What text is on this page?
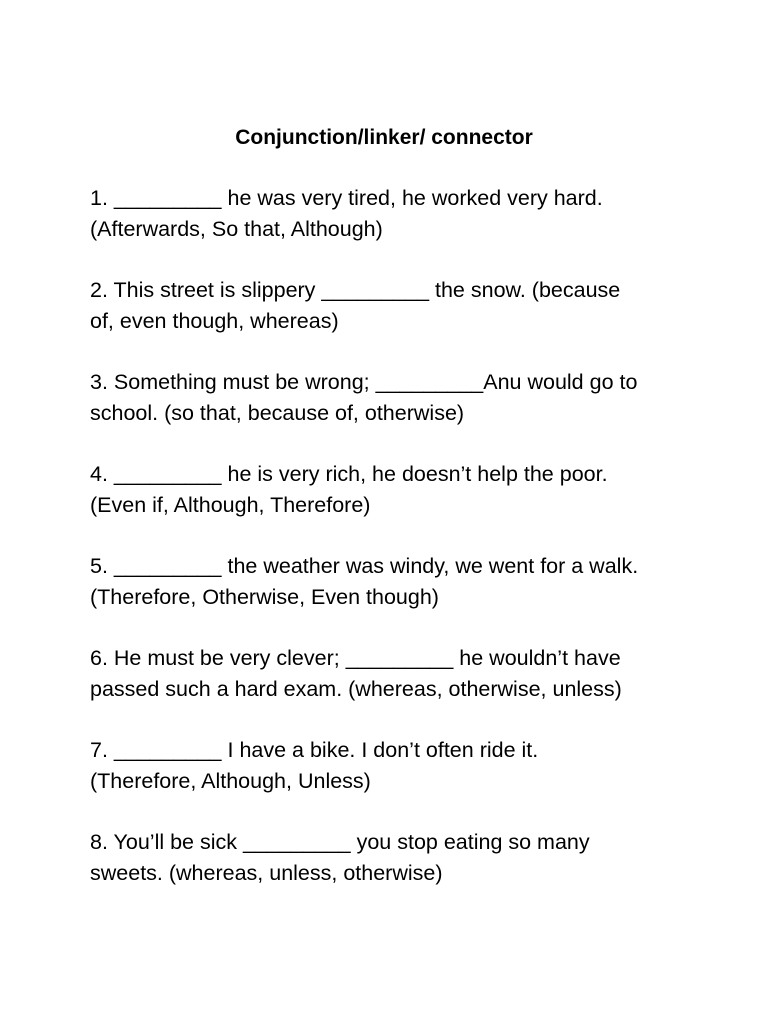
Conjunction/linker/ connector
1. _________ he was very tired, he worked very hard.
(Afterwards, So that, Although)
2. This street is slippery _________ the snow. (because
of, even though, whereas)
3. Something must be wrong; _________Anu would go to
school. (so that, because of, otherwise)
4. _________ he is very rich, he doesn’t help the poor.
(Even if, Although, Therefore)
5. _________ the weather was windy, we went for a walk.
(Therefore, Otherwise, Even though)
6. He must be very clever; _________ he wouldn’t have
passed such a hard exam. (whereas, otherwise, unless)
7. _________ I have a bike. I don’t often ride it.
(Therefore, Although, Unless)
8. You’ll be sick _________ you stop eating so many
sweets. (whereas, unless, otherwise)
